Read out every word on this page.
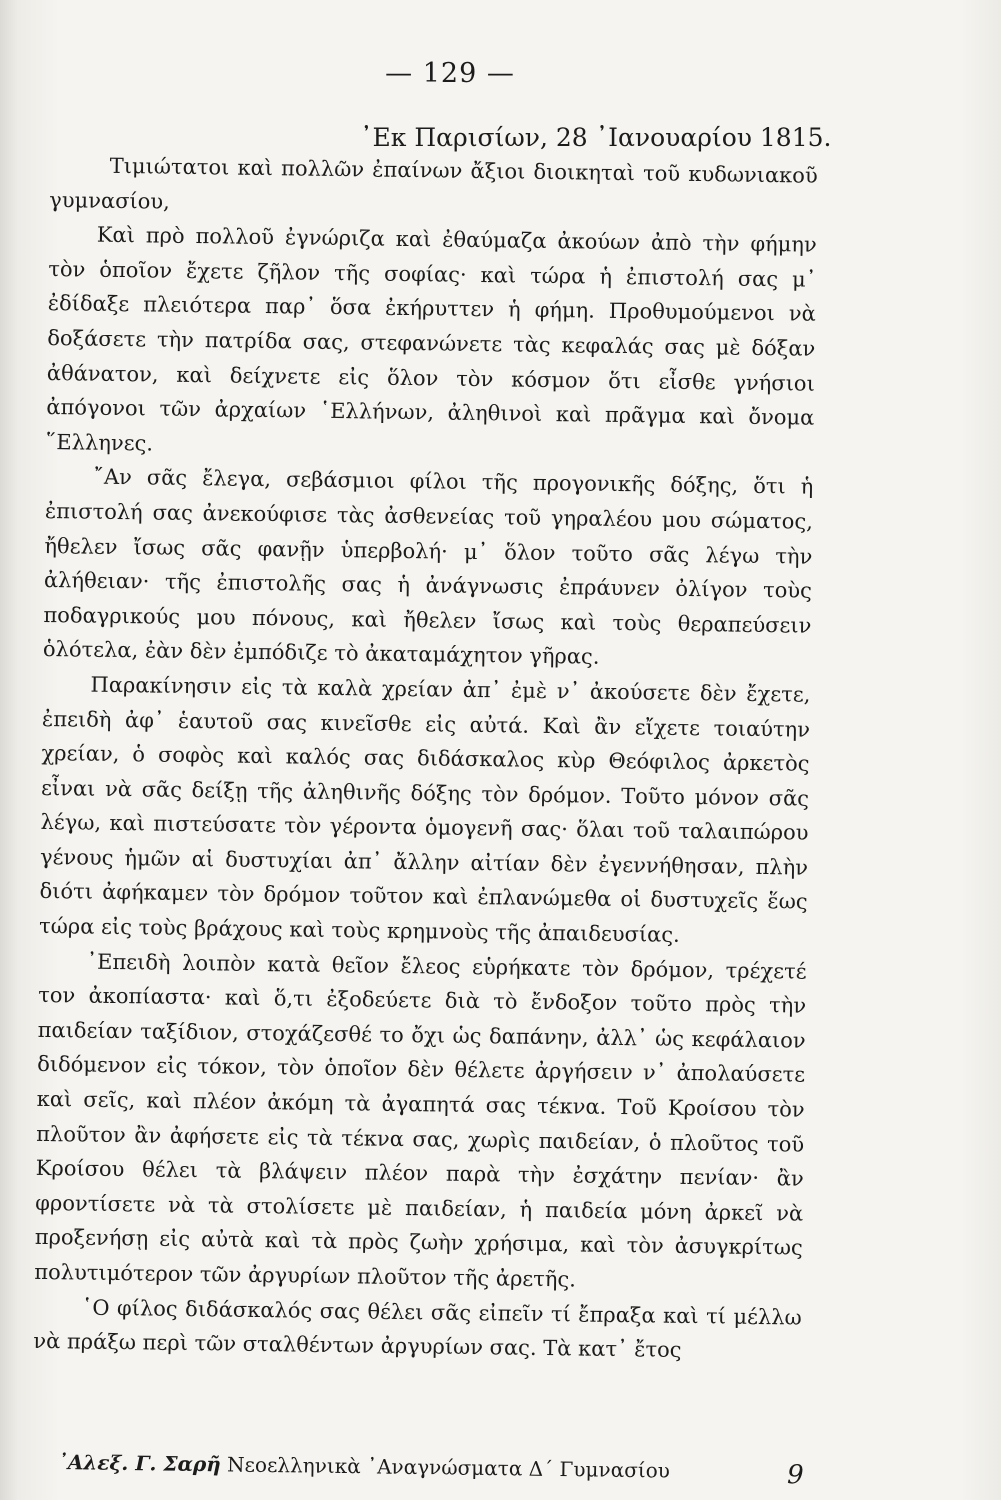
— 129 —
᾿Εκ Παρισίων, 28 ᾿Ιανουαρίου 1815.

Τιμιώτατοι καὶ πολλῶν ἐπαίνων ἄξιοι διοικηταὶ τοῦ κυδωνιακοῦ γυμνασίου,

Καὶ πρὸ πολλοῦ ἐγνώριζα καὶ ἐθαύμαζα ἀκούων ἀπὸ τὴν φήμην τὸν ὁποῖον ἔχετε ζῆλον τῆς σοφίας· καὶ τώρα ἡ ἐπιστολή σας μ᾿ ἐδίδαξε πλειότερα παρ᾿ ὅσα ἐκήρυττεν ἡ φήμη. Προθυμούμενοι νὰ δοξάσετε τὴν πατρίδα σας, στεφανώνετε τὰς κεφαλάς σας μὲ δόξαν ἀθάνατον, καὶ δείχνετε εἰς ὅλον τὸν κόσμον ὅτι εἶσθε γνήσιοι ἀπόγονοι τῶν ἀρχαίων ῾Ελλήνων, ἀληθινοὶ καὶ πρᾶγμα καὶ ὄνομα ῞Ελληνες.

῎Αν σᾶς ἔλεγα, σεβάσμιοι φίλοι τῆς προγονικῆς δόξης, ὅτι ἡ ἐπιστολή σας ἀνεκούφισε τὰς ἀσθενείας τοῦ γηραλέου μου σώματος, ἤθελεν ἴσως σᾶς φανῇν ὑπερβολή· μ᾿ ὅλον τοῦτο σᾶς λέγω τὴν ἀλήθειαν· τῆς ἐπιστολῆς σας ἡ ἀνάγνωσις ἐπράυνεν ὀλίγον τοὺς ποδαγρικούς μου πόνους, καὶ ἤθελεν ἴσως καὶ τοὺς θεραπεύσειν ὁλότελα, ἐὰν δὲν ἐμπόδιζε τὸ ἀκαταμάχητον γῆρας.

Παρακίνησιν εἰς τὰ καλὰ χρείαν ἀπ᾿ ἐμὲ ν᾿ ἀκούσετε δὲν ἔχετε, ἐπειδὴ ἀφ᾿ ἑαυτοῦ σας κινεῖσθε εἰς αὐτά. Καὶ ἂν εἴχετε τοιαύτην χρείαν, ὁ σοφὸς καὶ καλός σας διδάσκαλος κὺρ Θεόφιλος ἀρκετὸς εἶναι νὰ σᾶς δείξῃ τῆς ἀληθινῆς δόξης τὸν δρόμον. Τοῦτο μόνον σᾶς λέγω, καὶ πιστεύσατε τὸν γέροντα ὁμογενῆ σας· ὅλαι τοῦ ταλαιπώρου γένους ἡμῶν αἱ δυστυχίαι ἀπ᾿ ἄλλην αἰτίαν δὲν ἐγεννήθησαν, πλὴν διότι ἀφήκαμεν τὸν δρόμον τοῦτον καὶ ἐπλανώμεθα οἱ δυστυχεῖς ἕως τώρα εἰς τοὺς βράχους καὶ τοὺς κρημνοὺς τῆς ἀπαιδευσίας.

᾿Επειδὴ λοιπὸν κατὰ θεῖον ἔλεος εὑρήκατε τὸν δρόμον, τρέχετέ τον ἀκοπίαστα· καὶ ὅ,τι ἐξοδεύετε διὰ τὸ ἔνδοξον τοῦτο πρὸς τὴν παιδείαν ταξίδιον, στοχάζεσθέ το ὄχι ὡς δαπάνην, ἀλλ᾿ ὡς κεφάλαιον διδόμενον εἰς τόκον, τὸν ὁποῖον δὲν θέλετε ἀργήσειν ν᾿ ἀπολαύσετε καὶ σεῖς, καὶ πλέον ἀκόμη τὰ ἀγαπητά σας τέκνα. Τοῦ Κροίσου τὸν πλοῦτον ἂν ἀφήσετε εἰς τὰ τέκνα σας, χωρὶς παιδείαν, ὁ πλοῦτος τοῦ Κροίσου θέλει τὰ βλάψειν πλέον παρὰ τὴν ἐσχάτην πενίαν· ἂν φροντίσετε νὰ τὰ στολίσετε μὲ παιδείαν, ἡ παιδεία μόνη ἀρκεῖ νὰ προξενήσῃ εἰς αὐτὰ καὶ τὰ πρὸς ζωὴν χρήσιμα, καὶ τὸν ἀσυγκρίτως πολυτιμότερον τῶν ἀργυρίων πλοῦτον τῆς ἀρετῆς.

῾Ο φίλος διδάσκαλός σας θέλει σᾶς εἰπεῖν τί ἔπραξα καὶ τί μέλλω νὰ πράξω περὶ τῶν σταλθέντων ἀργυρίων σας. Τὰ κατ᾿ ἔτος

᾿Αλεξ. Γ. Σαρῆ Νεοελληνικὰ ᾿Αναγνώσματα Δ΄ Γυμνασίου	9
